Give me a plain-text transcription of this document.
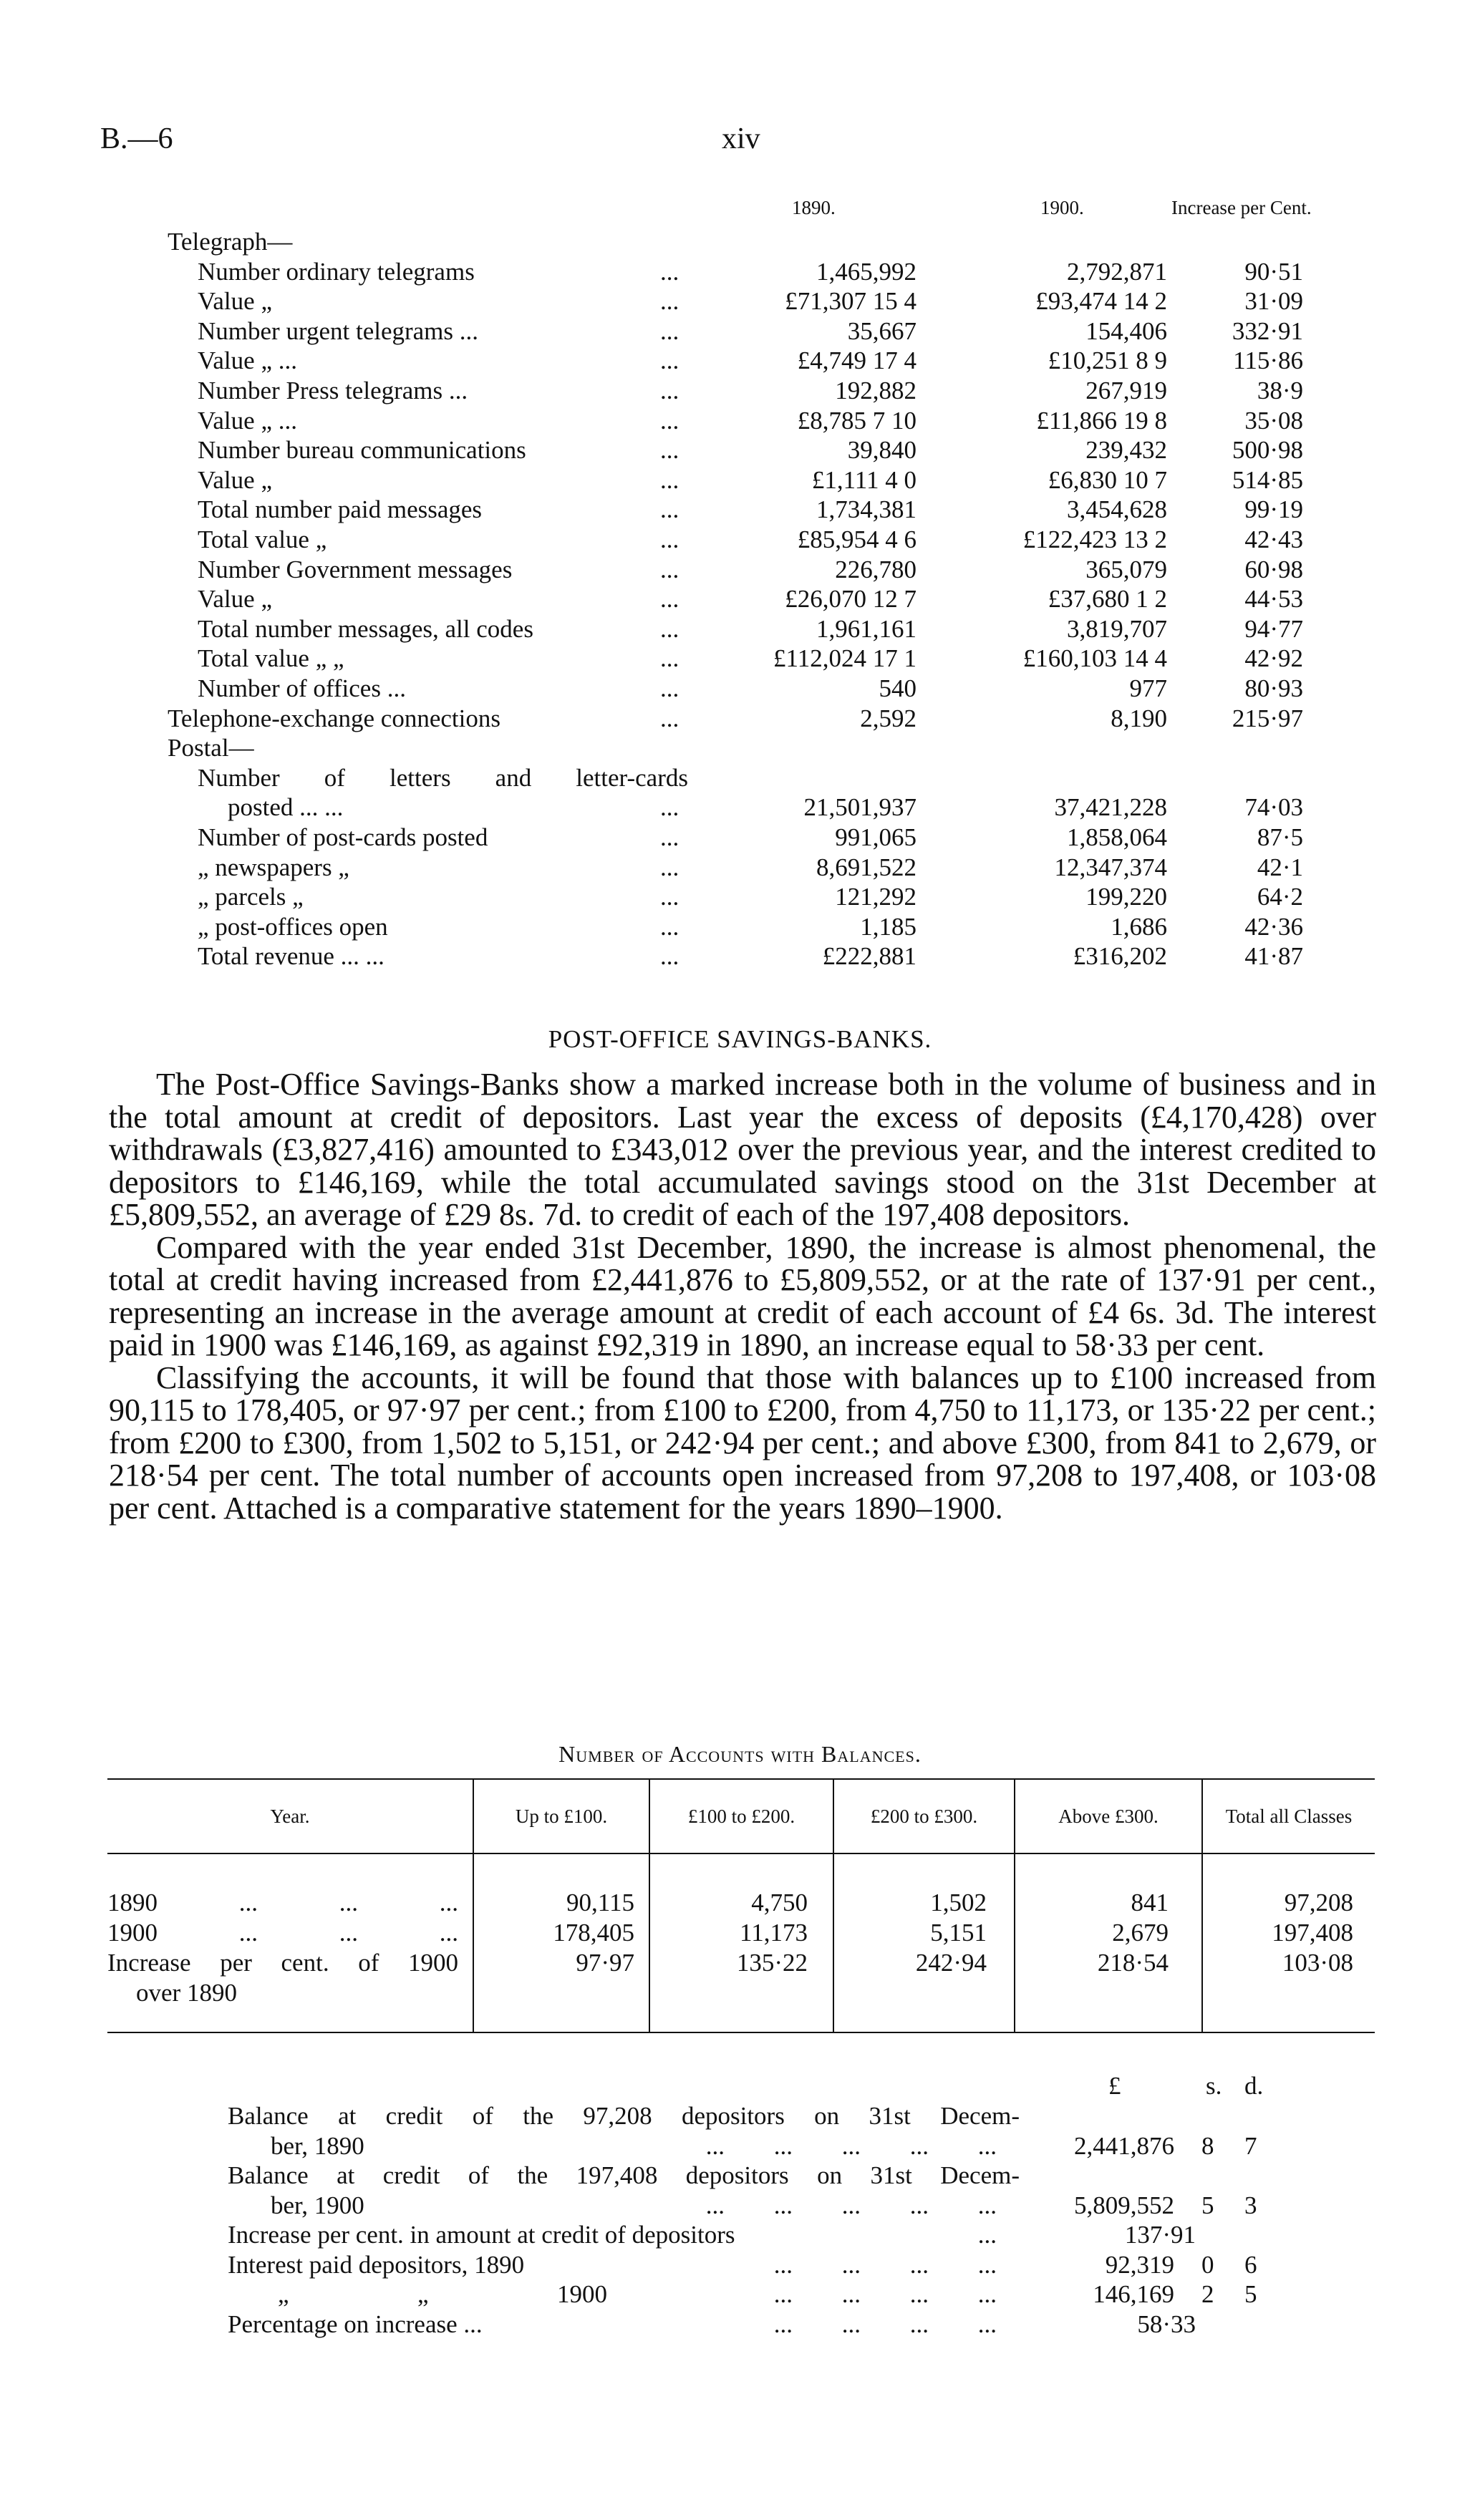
B.—6	xiv
1890.	1900.	Increase per Cent.
Telegraph—
Number ordinary telegrams	...	1,465,992	2,792,871	90·51
Value „	...	£71,307 15 4	£93,474 14 2	31·09
Number urgent telegrams ...	...	35,667	154,406	332·91
Value „ ...	...	£4,749 17 4	£10,251 8 9	115·86
Number Press telegrams ...	...	192,882	267,919	38·9
Value „ ...	...	£8,785 7 10	£11,866 19 8	35·08
Number bureau communications	...	39,840	239,432	500·98
Value „	...	£1,111 4 0	£6,830 10 7	514·85
Total number paid messages	...	1,734,381	3,454,628	99·19
Total value „	...	£85,954 4 6	£122,423 13 2	42·43
Number Government messages	...	226,780	365,079	60·98
Value „	...	£26,070 12 7	£37,680 1 2	44·53
Total number messages, all codes	...	1,961,161	3,819,707	94·77
Total value „ „	...	£112,024 17 1	£160,103 14 4	42·92
Number of offices ...	...	540	977	80·93
Telephone-exchange connections	...	2,592	8,190	215·97
Postal—
Number of letters and letter-cards
posted ... ...	...	21,501,937	37,421,228	74·03
Number of post-cards posted	...	991,065	1,858,064	87·5
„ newspapers „	...	8,691,522	12,347,374	42·1
„ parcels „	...	121,292	199,220	64·2
„ post-offices open	...	1,185	1,686	42·36
Total revenue ... ...	...	£222,881	£316,202	41·87
POST-OFFICE SAVINGS-BANKS.

The Post-Office Savings-Banks show a marked increase both in the volume of business and in the total amount at credit of depositors. Last year the excess of deposits (£4,170,428) over withdrawals (£3,827,416) amounted to £343,012 over the previous year, and the interest credited to depositors to £146,169, while the total accumulated savings stood on the 31st December at £5,809,552, an average of £29 8s. 7d. to credit of each of the 197,408 depositors.

Compared with the year ended 31st December, 1890, the increase is almost phenomenal, the total at credit having increased from £2,441,876 to £5,809,552, or at the rate of 137·91 per cent., representing an increase in the average amount at credit of each account of £4 6s. 3d. The interest paid in 1900 was £146,169, as against £92,319 in 1890, an increase equal to 58·33 per cent.

Classifying the accounts, it will be found that those with balances up to £100 increased from 90,115 to 178,405, or 97·97 per cent.; from £100 to £200, from 4,750 to 11,173, or 135·22 per cent.; from £200 to £300, from 1,502 to 5,151, or 242·94 per cent.; and above £300, from 841 to 2,679, or 218·54 per cent. The total number of accounts open increased from 97,208 to 197,408, or 103·08 per cent. Attached is a comparative statement for the years 1890–1900.

Number of Accounts with Balances.
Year.	Up to £100.	£100 to £200.	£200 to £300.	Above £300.	Total all Classes
1890 ... ... ...	90,115	4,750	1,502	841	97,208
1900 ... ... ...	178,405	11,173	5,151	2,679	197,408
Increase per cent. of 1900	97·97	135·22	242·94	218·54	103·08
over 1890
£	s. d.
Balance at credit of the 97,208 depositors on 31st Decem-
ber, 1890	... ... ... ... ...	2,441,876 8 7
Balance at credit of the 197,408 depositors on 31st Decem-
ber, 1900	... ... ... ... ...	5,809,552 5 3
Increase per cent. in amount at credit of depositors	...	137·91
Interest paid depositors, 1890	... ... ... ...	92,319 0 6
„ „ 1900	... ... ... ...	146,169 2 5
Percentage on increase ...	... ... ... ...	58·33
